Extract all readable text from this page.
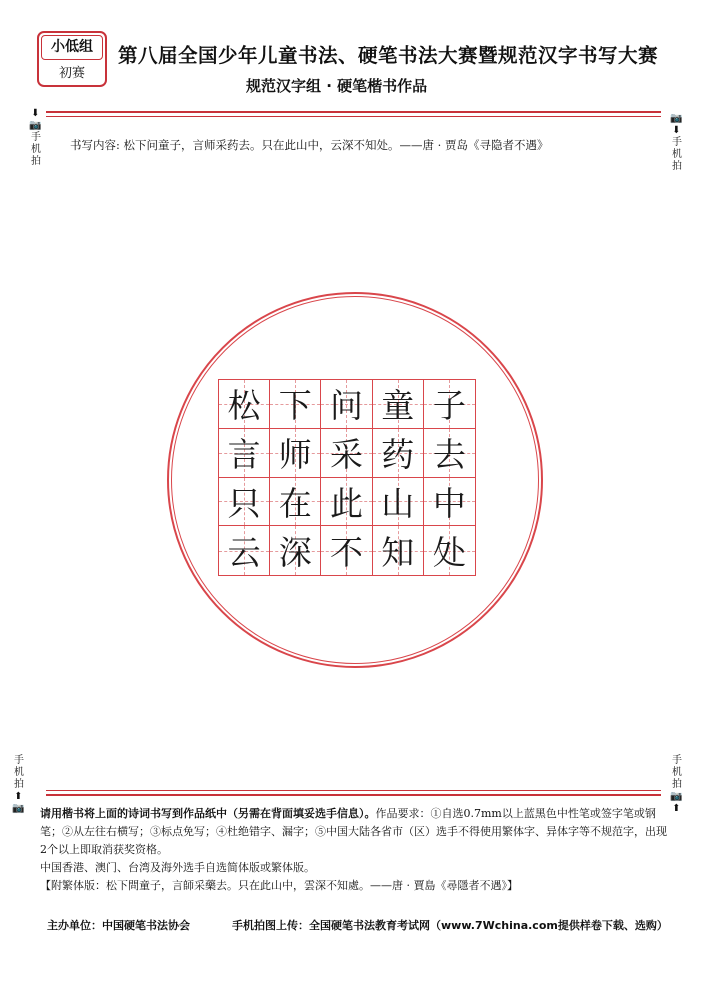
小低组
初赛
第八届全国少年儿童书法、硬笔书法大赛暨规范汉字书写大赛
规范汉字组 · 硬笔楷书作品
⬇📷
手机拍
📷⬇
手机拍
手机拍
⬆📷
手机拍
📷⬆
书写内容: 松下问童子，言师采药去。只在此山中，云深不知处。——唐 · 贾岛《寻隐者不遇》
松 下 问 童 子
言 师 采 药 去
只 在 此 山 中
云 深 不 知 处
请用楷书将上面的诗词书写到作品纸中（另需在背面填妥选手信息）。作品要求：①自选0.7mm以上蓝黑色中性笔或签字笔或钢笔；②从左往右横写；③标点免写；④杜绝错字、漏字；⑤中国大陆各省市（区）选手不得使用繁体字、异体字等不规范字，出现2个以上即取消获奖资格。
中国香港、澳门、台湾及海外选手自选简体版或繁体版。
【附繁体版：松下問童子，言師采藥去。只在此山中，雲深不知處。——唐 · 賈島《尋隱者不遇》】
主办单位：中国硬笔书法协会	手机拍图上传：全国硬笔书法教育考试网（www.7Wchina.com提供样卷下载、选购）
